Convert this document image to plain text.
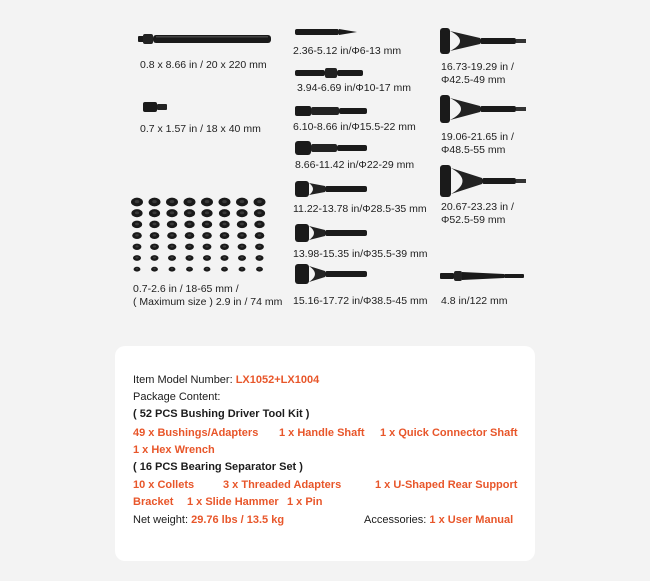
0.8 x 8.66 in / 20 x 220 mm
0.7 x 1.57 in / 18 x 40 mm
0.7-2.6 in / 18-65 mm /
( Maximum size ) 2.9 in / 74 mm
2.36-5.12 in/Φ6-13 mm
3.94-6.69 in/Φ10-17 mm
6.10-8.66 in/Φ15.5-22 mm
8.66-11.42 in/Φ22-29 mm
11.22-13.78 in/Φ28.5-35 mm
13.98-15.35 in/Φ35.5-39 mm
15.16-17.72 in/Φ38.5-45 mm
16.73-19.29 in /
Φ42.5-49 mm
19.06-21.65 in /
Φ48.5-55 mm
20.67-23.23 in /
Φ52.5-59 mm
4.8 in/122 mm
Item Model Number: LX1052+LX1004
Package Content:
( 52 PCS Bushing Driver Tool Kit )
49 x Bushings/Adapters 1 x Handle Shaft 1 x Quick Connector Shaft
1 x Hex Wrench
( 16 PCS Bearing Separator Set )
10 x Collets	3 x Threaded Adapters	1 x U-Shaped Rear Support
Bracket 1 x Slide Hammer 1 x Pin
Net weight: 29.76 lbs / 13.5 kg	Accessories: 1 x User Manual
